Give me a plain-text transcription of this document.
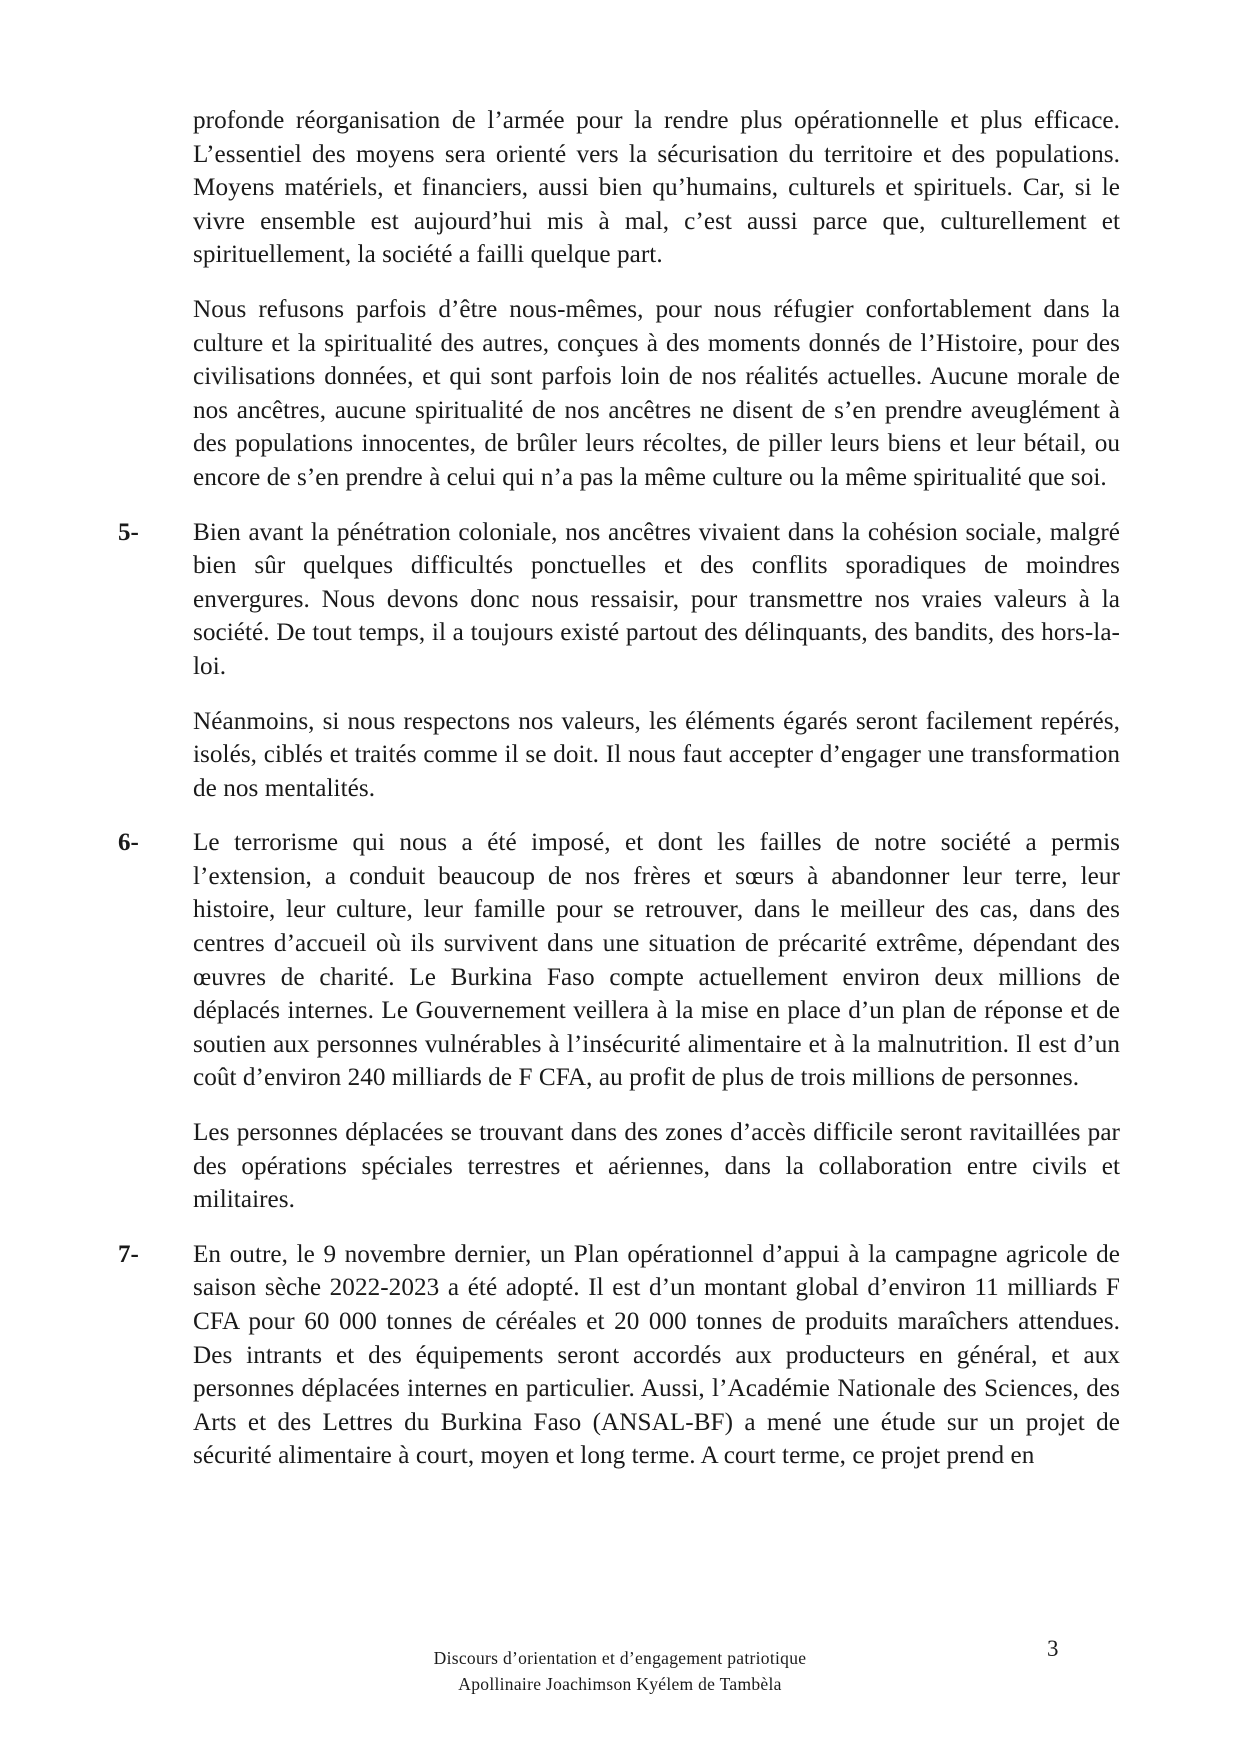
profonde réorganisation de l’armée pour la rendre plus opérationnelle et plus efficace. L’essentiel des moyens sera orienté vers la sécurisation du territoire et des populations. Moyens matériels, et financiers, aussi bien qu’humains, culturels et spirituels. Car, si le vivre ensemble est aujourd’hui mis à mal, c’est aussi parce que, culturellement et spirituellement, la société a failli quelque part.

Nous refusons parfois d’être nous-mêmes, pour nous réfugier confortablement dans la culture et la spiritualité des autres, conçues à des moments donnés de l’Histoire, pour des civilisations données, et qui sont parfois loin de nos réalités actuelles. Aucune morale de nos ancêtres, aucune spiritualité de nos ancêtres ne disent de s’en prendre aveuglément à des populations innocentes, de brûler leurs récoltes, de piller leurs biens et leur bétail, ou encore de s’en prendre à celui qui n’a pas la même culture ou la même spiritualité que soi.

5- Bien avant la pénétration coloniale, nos ancêtres vivaient dans la cohésion sociale, malgré bien sûr quelques difficultés ponctuelles et des conflits sporadiques de moindres envergures. Nous devons donc nous ressaisir, pour transmettre nos vraies valeurs à la société. De tout temps, il a toujours existé partout des délinquants, des bandits, des hors-la-loi.

Néanmoins, si nous respectons nos valeurs, les éléments égarés seront facilement repérés, isolés, ciblés et traités comme il se doit. Il nous faut accepter d’engager une transformation de nos mentalités.

6- Le terrorisme qui nous a été imposé, et dont les failles de notre société a permis l’extension, a conduit beaucoup de nos frères et sœurs à abandonner leur terre, leur histoire, leur culture, leur famille pour se retrouver, dans le meilleur des cas, dans des centres d’accueil où ils survivent dans une situation de précarité extrême, dépendant des œuvres de charité. Le Burkina Faso compte actuellement environ deux millions de déplacés internes. Le Gouvernement veillera à la mise en place d’un plan de réponse et de soutien aux personnes vulnérables à l’insécurité alimentaire et à la malnutrition. Il est d’un coût d’environ 240 milliards de F CFA, au profit de plus de trois millions de personnes.

Les personnes déplacées se trouvant dans des zones d’accès difficile seront ravitaillées par des opérations spéciales terrestres et aériennes, dans la collaboration entre civils et militaires.

7- En outre, le 9 novembre dernier, un Plan opérationnel d’appui à la campagne agricole de saison sèche 2022-2023 a été adopté. Il est d’un montant global d’environ 11 milliards F CFA pour 60 000 tonnes de céréales et 20 000 tonnes de produits maraîchers attendues. Des intrants et des équipements seront accordés aux producteurs en général, et aux personnes déplacées internes en particulier. Aussi, l’Académie Nationale des Sciences, des Arts et des Lettres du Burkina Faso (ANSAL-BF) a mené une étude sur un projet de sécurité alimentaire à court, moyen et long terme. A court terme, ce projet prend en
Discours d’orientation et d’engagement patriotique
Apollinaire Joachimson Kyélem de Tambèla
3
